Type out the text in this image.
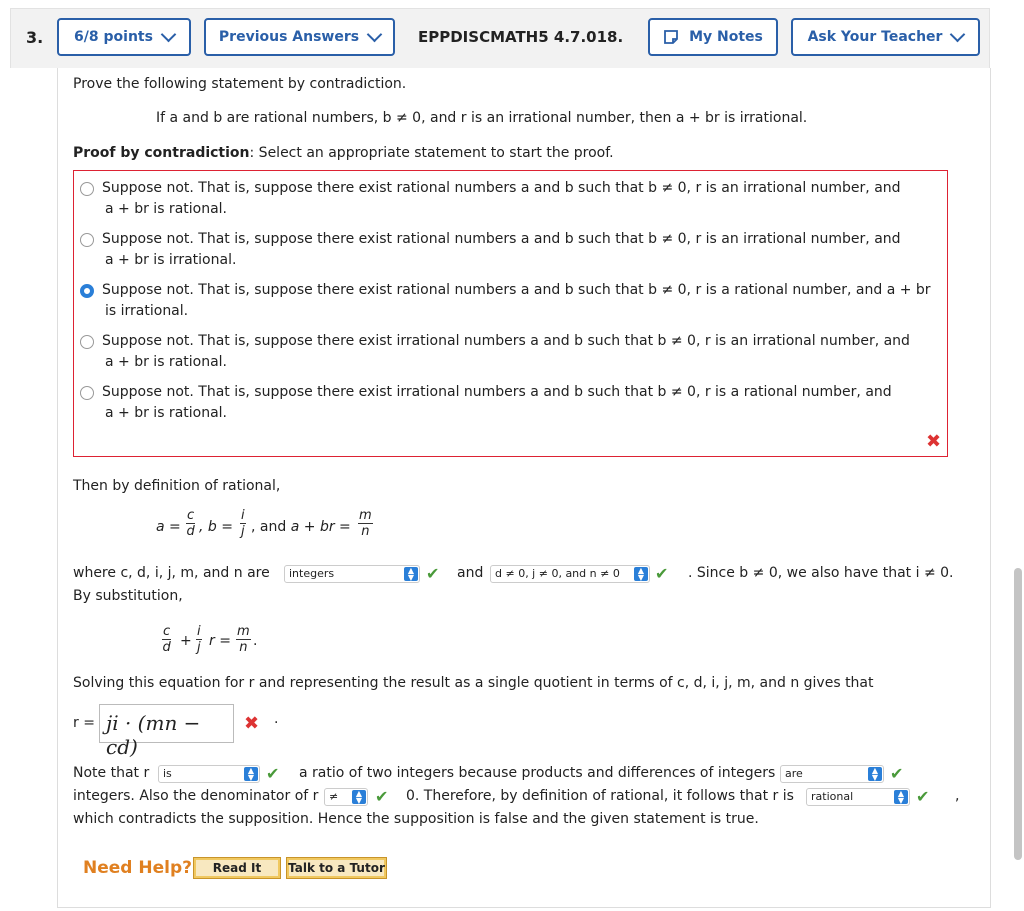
3. 6/8 points	Previous Answers	EPPDISCMATH5 4.7.018.	My Notes	Ask Your Teacher
Prove the following statement by contradiction.
If a and b are rational numbers, b ≠ 0, and r is an irrational number, then a + br is irrational.
Proof by contradiction: Select an appropriate statement to start the proof.
Suppose not. That is, suppose there exist rational numbers a and b such that b ≠ 0, r is an irrational number, and
a + br is rational.
Suppose not. That is, suppose there exist rational numbers a and b such that b ≠ 0, r is an irrational number, and
a + br is irrational.
Suppose not. That is, suppose there exist rational numbers a and b such that b ≠ 0, r is a rational number, and a + br
is irrational.
Suppose not. That is, suppose there exist irrational numbers a and b such that b ≠ 0, r is an irrational number, and
a + br is rational.
Suppose not. That is, suppose there exist irrational numbers a and b such that b ≠ 0, r is a rational number, and
a + br is rational.
✖
Then by definition of rational,
$a = \frac{c}{d}$ , $b = \frac{i}{j}$ , and a + br = $\frac{m}{n}$
where c, d, i, j, m, and n are	integers	▲
▼ ✔ and	d ≠ 0, j ≠ 0, and n ≠ 0	▲
▼ ✔ . Since b ≠ 0, we also have that i ≠ 0.
By substitution,
$\frac{c}{d} + \frac{i}{j}$ $r = \frac{m}{n}$ .
Solving this equation for r and representing the result as a single quotient in terms of c, d, i, j, m, and n gives that
r = ji · (mn − cd)
✖ ·
Note that r	is	▲
▼ ✔ a ratio of two integers because products and differences of integers are	▲
▼ ✔
integers. Also the denominator of r ≠	▲
▼ ✔ 0. Therefore, by definition of rational, it follows that r is	rational	▲
▼ ✔ ,
which contradicts the supposition. Hence the supposition is false and the given statement is true.
Need Help?	Read It	Talk to a Tutor
